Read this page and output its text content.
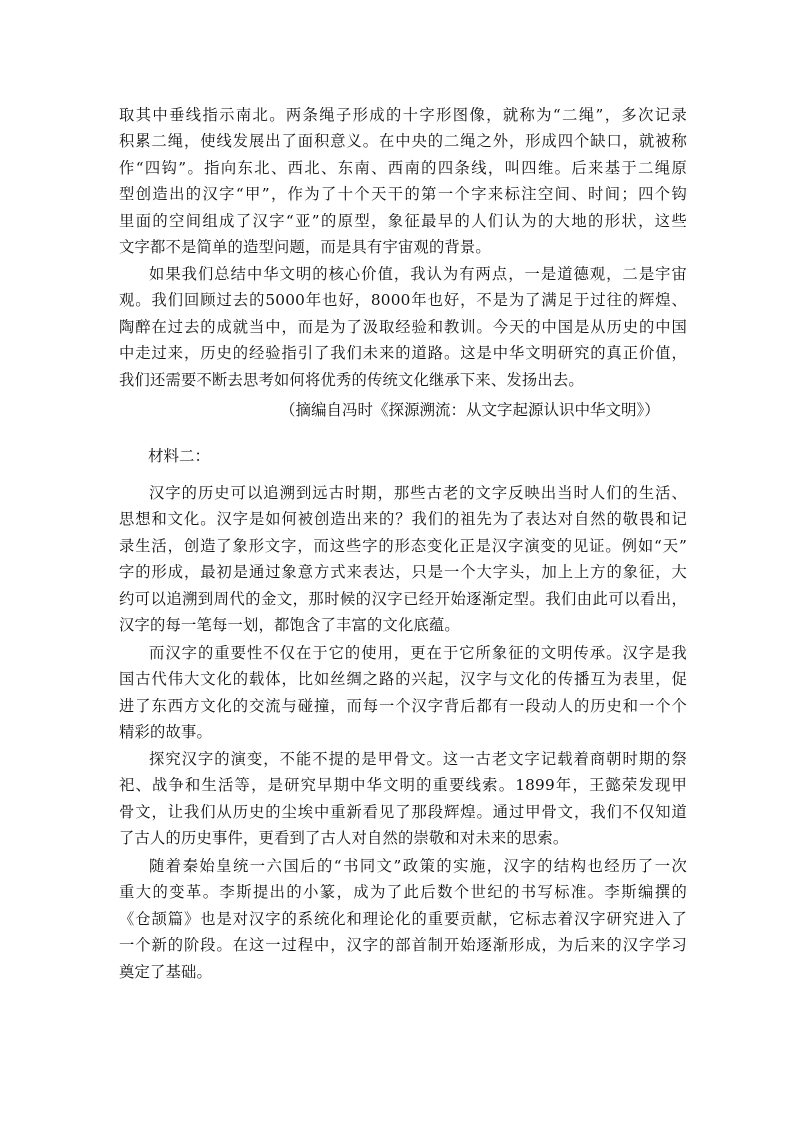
取其中垂线指示南北。两条绳子形成的十字形图像，就称为“二绳”，多次记录
积累二绳，使线发展出了面积意义。在中央的二绳之外，形成四个缺口，就被称
作“四钩”。指向东北、西北、东南、西南的四条线，叫四维。后来基于二绳原
型创造出的汉字“甲”，作为了十个天干的第一个字来标注空间、时间；四个钩
里面的空间组成了汉字“亚”的原型，象征最早的人们认为的大地的形状，这些
文字都不是简单的造型问题，而是具有宇宙观的背景。
如果我们总结中华文明的核心价值，我认为有两点，一是道德观，二是宇宙
观。我们回顾过去的5000年也好，8000年也好，不是为了满足于过往的辉煌、
陶醉在过去的成就当中，而是为了汲取经验和教训。今天的中国是从历史的中国
中走过来，历史的经验指引了我们未来的道路。这是中华文明研究的真正价值，
我们还需要不断去思考如何将优秀的传统文化继承下来、发扬出去。
（摘编自冯时《探源溯流：从文字起源认识中华文明》）
材料二：
汉字的历史可以追溯到远古时期，那些古老的文字反映出当时人们的生活、
思想和文化。汉字是如何被创造出来的？我们的祖先为了表达对自然的敬畏和记
录生活，创造了象形文字，而这些字的形态变化正是汉字演变的见证。例如“天”
字的形成，最初是通过象意方式来表达，只是一个大字头，加上上方的象征，大
约可以追溯到周代的金文，那时候的汉字已经开始逐渐定型。我们由此可以看出，
汉字的每一笔每一划，都饱含了丰富的文化底蕴。
而汉字的重要性不仅在于它的使用，更在于它所象征的文明传承。汉字是我
国古代伟大文化的载体，比如丝绸之路的兴起，汉字与文化的传播互为表里，促
进了东西方文化的交流与碰撞，而每一个汉字背后都有一段动人的历史和一个个
精彩的故事。
探究汉字的演变，不能不提的是甲骨文。这一古老文字记载着商朝时期的祭
祀、战争和生活等，是研究早期中华文明的重要线索。1899年，王懿荣发现甲
骨文，让我们从历史的尘埃中重新看见了那段辉煌。通过甲骨文，我们不仅知道
了古人的历史事件，更看到了古人对自然的崇敬和对未来的思索。
随着秦始皇统一六国后的“书同文”政策的实施，汉字的结构也经历了一次
重大的变革。李斯提出的小篆，成为了此后数个世纪的书写标准。李斯编撰的
《仓颉篇》也是对汉字的系统化和理论化的重要贡献，它标志着汉字研究进入了
一个新的阶段。在这一过程中，汉字的部首制开始逐渐形成，为后来的汉字学习
奠定了基础。
